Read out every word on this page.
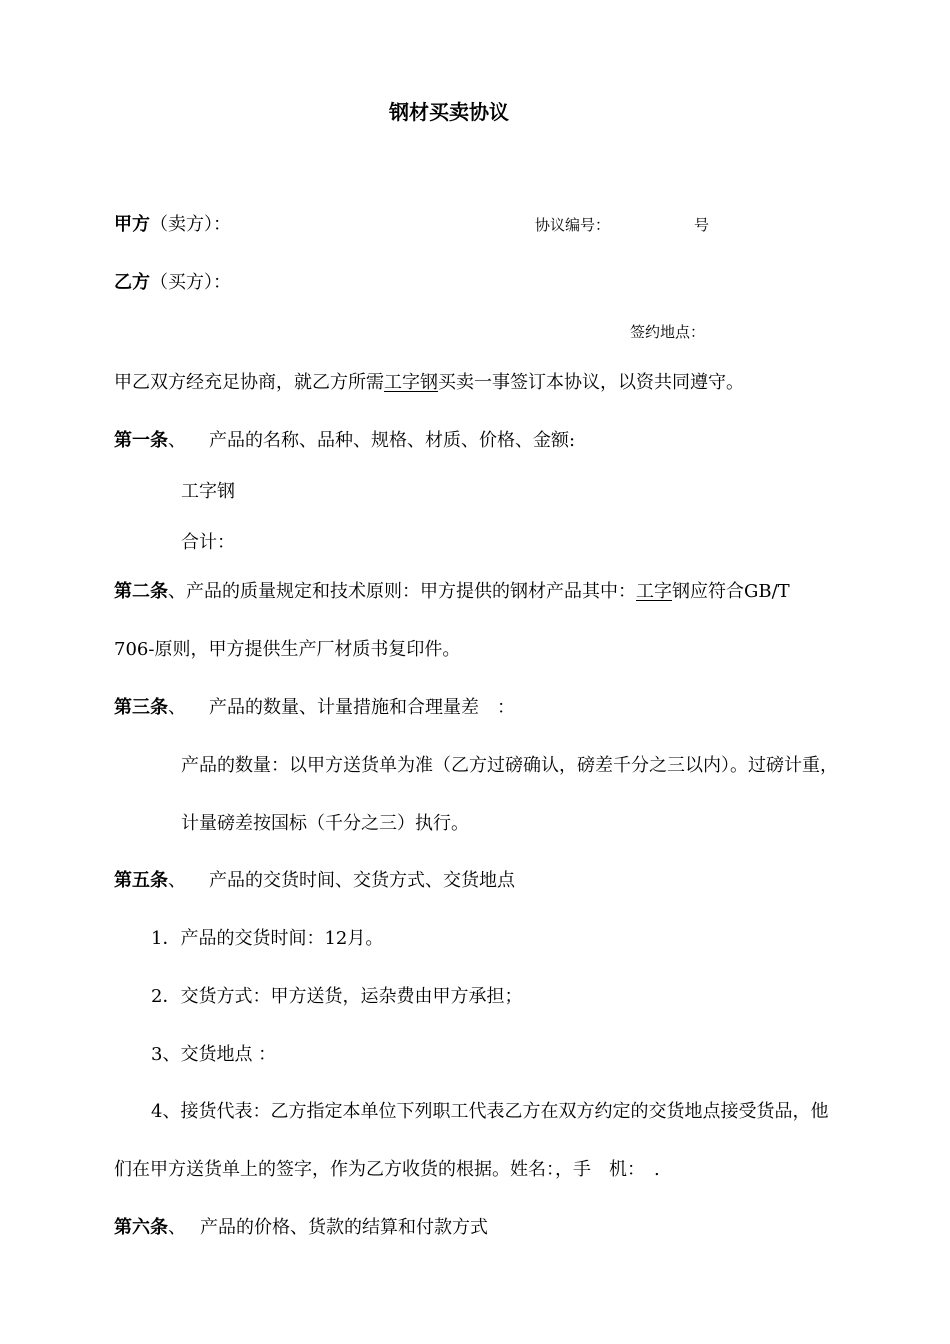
钢材买卖协议
甲方（卖方）：	协议编号：	号
乙方（买方）：
签约地点：
甲乙双方经充足协商，就乙方所需工字钢买卖一事签订本协议，以资共同遵守。
第一条、 产品的名称、品种、规格、材质、价格、金额:
工字钢
合计：
第二条、产品的质量规定和技术原则：甲方提供的钢材产品其中：工字钢应符合GB/T
706-原则，甲方提供生产厂材质书复印件。
第三条、 产品的数量、计量措施和合理量差　：
产品的数量：以甲方送货单为准（乙方过磅确认，磅差千分之三以内）。过磅计重，
计量磅差按国标（千分之三）执行。
第五条、 产品的交货时间、交货方式、交货地点
1．产品的交货时间：12月。
2．交货方式：甲方送货，运杂费由甲方承担；
3、交货地点 ：
4、接货代表：乙方指定本单位下列职工代表乙方在双方约定的交货地点接受货品，他
们在甲方送货单上的签字，作为乙方收货的根据。姓名：，手　机：　.
第六条、 产品的价格、货款的结算和付款方式
